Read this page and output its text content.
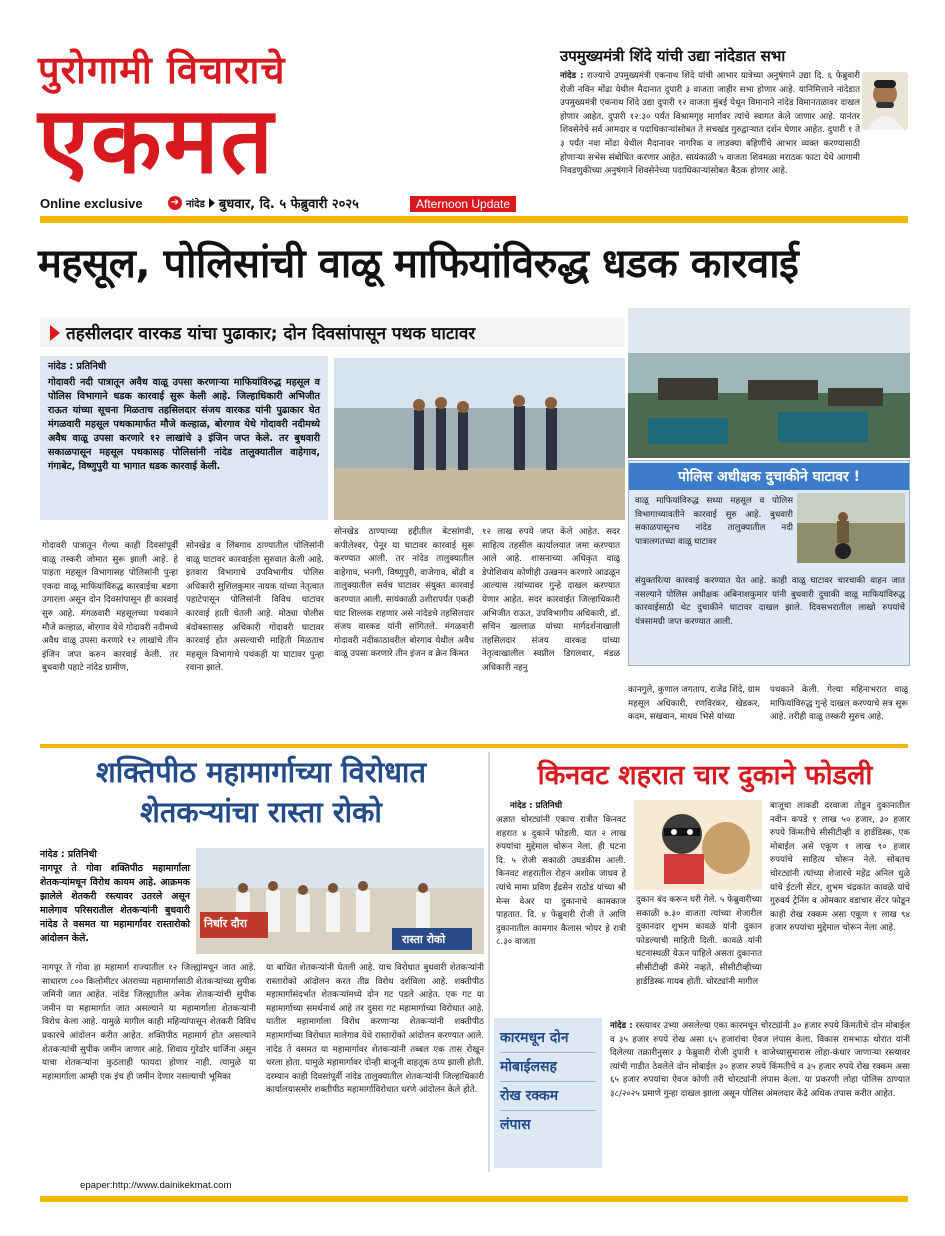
पुरोगामी विचाराचे
एकमत
Online exclusive	➜ नांदेड बुधवार, दि. ५ फेब्रुवारी २०२५	Afternoon Update
उपमुख्यमंत्री शिंदे यांची उद्या नांदेडात सभा
नांदेड : राज्याचे उपमुख्यमंत्री एकनाथ शिंदे यांची आभार यात्रेच्या अनुषंगाने उद्या दि. ६ फेब्रुवारी रोजी नविन मोंढा येथील मैदानात दुपारी ३ वाजता जाहीर सभा होणार आहे. यानिमित्ताने नांदेडात उपमुख्यमंत्री एकनाथ शिंदे उद्या दुपारी १२ वाजता मुंबई येथून विमानाने नांदेड विमानतळावर दाखल होणार आहेत. दुपारी १२:३० पर्यंत विश्रामगृह मार्गावर त्यांचे स्वागत केले जाणार आहे. यानंतर शिवसेनेचे सर्व आमदार व पदाधिकाऱ्यांसोबत ते सचखंड गुरुद्वाऱ्यात दर्शन घेणार आहेत. दुपारी १ ते ३ पर्यंत नवा मोंढा येथील मैदानावर नागरिक व लाडक्या बहिणींचे आभार व्यक्त करण्यासाठी होणाऱ्या सभेस संबोधित करणार आहेत. सायंकाळी ५ वाजता शिवमळा मराठक फाटा येथे आगामी निवडणुकीच्या अनुषंगाने शिवसेनेच्या पदाधिकाऱ्यांसोबत बैठक होणार आहे.
महसूल, पोलिसांची वाळू माफियांविरुद्ध धडक कारवाई
तहसीलदार वारकड यांचा पुढाकार; दोन दिवसांपासून पथक घाटावर
नांदेड : प्रतिनिधी
गोदावरी नदी पात्रातून अवैध वाळू उपसा करणाऱ्या माफियांविरुद्ध महसूल व पोलिस विभागाने धडक कारवाई सुरू केली आहे. जिल्हाधिकारी अभिजीत राऊत यांच्या सूचना मिळताच तहसिलदार संजय वारकड यांनी पुढाकार घेत मंगळवारी महसूल पथकामार्फत मौजे कल्हाळ, बोरगाव येथे गोदावरी नदीमध्ये अवैध वाळू उपसा करणारे १२ लाखांचे ३ इंजिन जप्त केले. तर बुधवारी सकाळपासून महसूल पथकासह पोलिसांनी नांदेड तालुक्यातील वाहेगाव, गंगाबेट, विष्णुपुरी या भागात धडक कारवाई केली.
पोलिस अधीक्षक दुचाकीने घाटावर !
वाळू माफियांविरुद्ध सध्या महसूल व पोलिस विभागाच्यावतीने कारवाई सुरु आहे. बुधवारी सकाळपासूनच नांदेड तालुक्यातील नदी पात्रालगतच्या वाळू घाटावर
संयुक्तरित्या कारवाई करण्यात येत आहे. काही वाळू घाटावर चारचाकी वाहन जात नसल्याने पोलिस अधीक्षक अबिनाशकुमार यांनी बुधवारी दुचाकी वाळू माफियांविरुद्ध कारवाईसाठी थेट दुचाकीने घाटावर दाखल झाले. दिवसभरातील लाखो रुपयांचे यंत्रसामग्री जप्त करण्यात आली.
गोदावरी पात्रातून गेल्या काही दिवसांपूर्वी वाळू तस्करी जोमात सुरू झाली आहे. हे पाहता महसूल विभागासह पोलिसांनी पुन्हा एकदा वाळू माफियांविरुद्ध कारवाईचा बडगा उगारला असून दोन दिवसांपासून ही कारवाई सुरु आहे. मंगळवारी महसूलच्या पथकाने मौजे कल्हाळ, बोरगाव येथे गोदावरी नदीमध्ये अवैध वाळू उपसा करणारे १२ लाखांचे तीन इंजिन जप्त करुन कारवाई केली. तर बुधवारी पहाटे नांदेड ग्रामीण,
सोनखेड व लिंबगाव ठाण्यातील पोलिसांनी वाळू घाटावर कारवाईला सुरुवात केली आहे. इतवारा विभागाचे उपविभागीय पोलिस अधिकारी सुशिलकुमार नायक यांच्या नेतृत्वात पहाटेपासून पोलिसांनी विविध घाटावर कारवाई हाती घेतली आहे. मोठ्या पोलीस बंदोबस्तासह अधिकारी गोदावरी घाटावर कारवाई होत असल्याची माहिती मिळताच महसूल विभागाचे पथकही या घाटावर पुन्हा रवाना झाले.
सोनखेड ठाण्याच्या हद्दीतील बेटसांगवी, कपीलेश्वर, पेनूर या घाटावर कारवाई सुरू करण्यात आली. तर नांदेड तालुक्यातील वाहेगाव, भनगी, विष्णुपुरी, वाजेगाव, बोंढी व तालुक्यातील सर्वच घाटावर संयुक्त कारवाई करण्यात आली. सायंकाळी उशीरापर्यंत एकही घाट शिल्लक राहणार असे नांदेडचे तहसिलदार संजय वारकड यांनी सांगितले. मंगळवारी गोदावरी नदीकाठावरील बोरगाव येथील अवैध वाळू उपसा करणारे तीन इंजन व क्रेन किंमत
१२ लाख रुपये जप्त केले आहेत. सदर साहित्य तहसील कार्यालयात जमा करण्यात आले आहे. शासनाच्या अधिकृत वाळू डेपोशिवाय कोणीही उत्खनन करणारे आढळून आल्यास त्यांच्यावर गुन्हे दाखल करण्यात येणार आहेत. सदर कारवाईत जिल्हाधिकारी अभिजीत राऊत, उपविभागीय अधिकारी, डॉ. सचिन खल्लाळ यांच्या मार्गदर्शनाखाली तहसिलदार संजय वारकड यांच्या नेतृत्वाखालील स्वप्नील डिगलवार, मंडळ अधिकारी नहनु
कानगुले, कुणाल जगताप, राजेंद्र शिंदे, ग्राम महसूल अधिकारी, रणविरकर, खेडकर, कदम, सखवान, माधव भिसे यांच्या
पथकाने केली. गेल्या महिनाभरात वाळू माफियांविरुद्ध गुन्हे दाखल करण्याचे सत्र सुरू आहे. तरीही वाळू तस्करी सुरुच आहे.
शक्तिपीठ महामार्गाच्या विरोधात
शेतकऱ्यांचा रास्ता रोको
नांदेड : प्रतिनिधी
नागपूर ते गोवा शक्तिपीठ महामार्गाला शेतकऱ्यांमधून विरोध कायम आहे. आक्रमक झालेले शेतकरी रस्त्यावर उतरले असून मालेगाव परिसरातील शेतकऱ्यांनी बुधवारी नांदेड ते वसमत या महामार्गावर रास्तारोको आंदोलन केले.
निर्धार दौरा
रास्ता रोको
नागपूर ते गोवा हा महामार्ग राज्यातील १२ जिल्ह्यांमधून जात आहे. साधारण ८०० किलोमीटर अंतराच्या महामार्गासाठी शेतकऱ्यांच्या सुपीक जमिनी जात आहेत. नांदेड जिल्ह्यातील अनेक शेतकऱ्यांची सुपीक जमीन या महामार्गात जात असल्याने या महामार्गाला शेतकऱ्यांनी विरोध केला आहे. यामुळे मागील काही महिन्यांपासून शेतकरी विविध प्रकारचे आंदोलन करीत आहेत. शक्तिपीठ महामार्ग होत असल्याने शेतकऱ्यांची सुपीक जमीन जाणार आहे. शिवाय गुरेढोर धार्जिना असून याचा शेतकऱ्यांना कुठलाही फायदा होणार नाही. त्यामुळे या महामार्गाला आम्ही एक इंच ही जमीन देणार नसल्याची भूमिका
या बाधित शेतकऱ्यांनी घेतली आहे. याच विरोधात बुधवारी शेतकऱ्यांनी रास्तारोको आंदोलन करत तीव्र विरोध दर्शविला आहे. शक्तीपीठ महामार्गासंदर्भात शेतकऱ्यांमध्ये दोन गट पडले आहेत. एक गट या महामार्गाच्या समर्थनार्थ आहे तर दुसरा गट महामार्गाच्या विरोधात आहे. यातील महामार्गाला विरोध करणाऱ्या शेतकऱ्यांनी शक्तीपीठ महामार्गाच्या विरोधात मालेगाव येथे रास्तारोको आंदोलन करण्यात आले. नांदेड ते वसमत या महामार्गावर शेतकऱ्यांनी तब्बल एक तास रोखून धरला होता. यामुळे महामार्गावर दोन्ही बाजूनी वाहतूक ठप्प झाली होती. दरम्यान काही दिवसांपूर्वी नांदेड तालुक्यातील शेतकऱ्यांनी जिल्हाधिकारी कार्यालयासमोर शक्तीपीठ महामार्गाविरोधात धरणे आंदोलन केले होते.
किनवट शहरात चार दुकाने फोडली
नांदेड : प्रतिनिधी
अज्ञात चोरट्यांनी एकाच रात्रीत किनवट शहरात ४ दुकाने फोडली. यात २ लाख रुपयांचा मुद्देमाल चोरून नेला. ही घटना दि. ५ रोजी सकाळी उघडकीस आली. किनवट शहरातील रोहन अशोक जाधव हे त्यांचे मामा प्रविण ईंद्रसेन राठोड यांच्या श्री मेन्स वेअर या दुकानाचे कामकाज पाहतात. दि. ४ फेब्रुवारी रोजी ते आणि दुकानातील कामगार कैलास भोयर हे रात्री ८.३० वाजता
दुकान बंद करून घरी गेले. ५ फेब्रुवारीच्या सकाळी ७.३० वाजता त्यांच्या शेजारील दुकानदार शुभम कावळे यांनी दुकान फोडल्याची माहिती दिली. कावळे यांनी घटनास्थळी येऊन पाहिले असता दुकानात सीसीटीव्ही कॅमेरे नव्हते, सीसीटीव्हीच्या हार्डडिस्क गायब होती. चोरट्यांनी मागील
बाजूचा लाकडी दरवाजा तोडून दुकानातील नवीन कपडे १ लाख ५० हजार, ३० हजार रुपये किंमतीचे सीसीटीव्ही व हार्डडिस्क, एक मोबाईल असे एकूण १ लाख ९० हजार रुपयांचे साहित्य चोरून नेले. सोबतच चोरट्यांनी त्यांच्या शेजारचे महेंद्र अनिल धुळे यांचे ईटली सेंटर, शुभम चंद्रकांत कावळे यांचे गुरुवर्य ट्रेनिंग व ओमकार वडाचार सेंटर फोडून काही रोख रक्कम असा एकूण १ लाख ९४ हजार रुपयांचा मुद्देमाल चोरून नेला आहे.
कारमधून दोन
मोबाईलसह
रोख रक्कम
लंपास
नांदेड : रस्त्यावर उभ्या असलेल्या एका कारमधून चोरट्यांनी ३० हजार रुपये किंमतीचे दोन मोबाईल व ३५ हजार रुपये रोख असा ६५ हजारांचा ऐवज लंपास केला. विकास रामभाऊ थोरात यांनी दिलेल्या तक्रारीनुसार ३ फेब्रुवारी रोजी दुपारी १ वाजेच्यासुमारास लोहा-कंधार जाणाऱ्या रस्त्यावर त्यांची गाडीत ठेवलेले दोन मोबाईल ३० हजार रुपये किंमतीचे व ३५ हजार रुपये रोख रक्कम असा ६५ हजार रुपयांचा ऐवज कोणी तरी चोरट्यांनी लंपास केला. या प्रकरणी लोहा पोलिस ठाण्यात ३८/२०२५ प्रमाणे गुन्हा दाखल झाला असून पोलिस अंमलदार केंद्रे अधिक तपास करीत आहेत.
epaper:http://www.dainikekmat.com
